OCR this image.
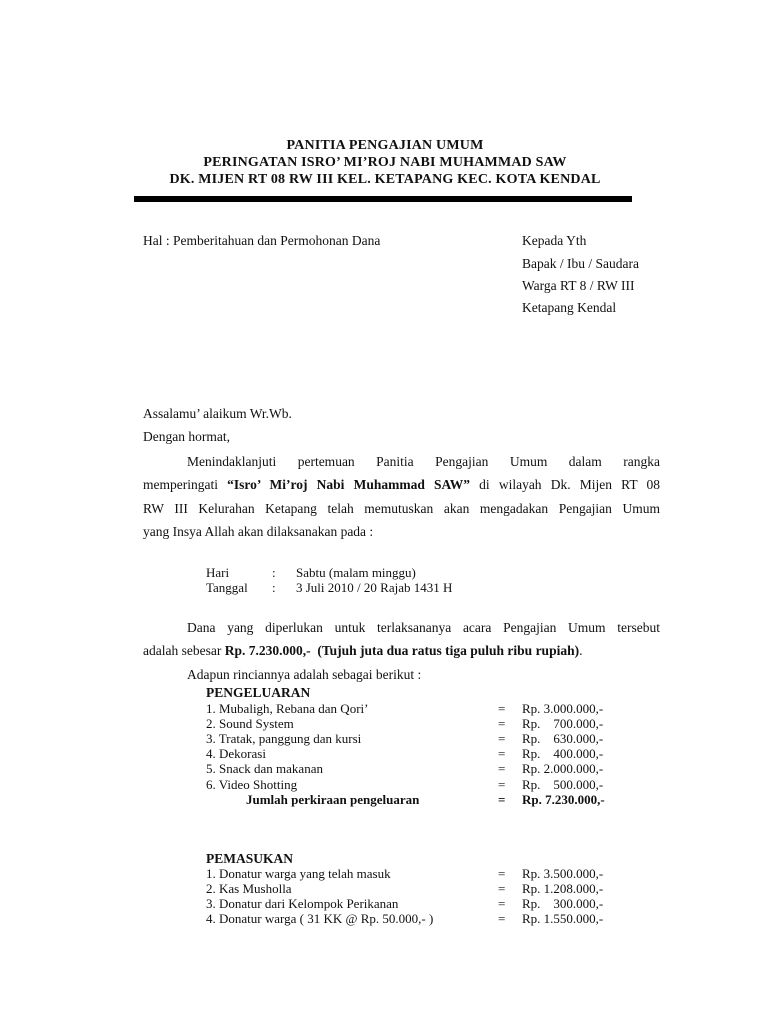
PANITIA PENGAJIAN UMUM
PERINGATAN ISRO’ MI’ROJ NABI MUHAMMAD SAW
DK. MIJEN RT 08 RW III KEL. KETAPANG KEC. KOTA KENDAL
Hal : Pemberitahuan dan Permohonan Dana	Kepada Yth
Bapak / Ibu / Saudara
Warga RT 8 / RW III
Ketapang Kendal
Assalamu’ alaikum Wr.Wb.
Dengan hormat,
Menindaklanjuti pertemuan Panitia Pengajian Umum dalam rangka
memperingati “Isro’ Mi’roj Nabi Muhammad SAW” di wilayah Dk. Mijen RT 08
RW III Kelurahan Ketapang telah memutuskan akan mengadakan Pengajian Umum
yang Insya Allah akan dilaksanakan pada :
Hari	: Sabtu (malam minggu)
Tanggal : 3 Juli 2010 / 20 Rajab 1431 H
Dana yang diperlukan untuk terlaksananya acara Pengajian Umum tersebut
adalah sebesar Rp. 7.230.000,- (Tujuh juta dua ratus tiga puluh ribu rupiah).
Adapun rinciannya adalah sebagai berikut :
PENGELUARAN
1. Mubaligh, Rebana dan Qori’	= Rp. 3.000.000,-
2. Sound System	= Rp.    700.000,-
3. Tratak, panggung dan kursi	= Rp.    630.000,-
4. Dekorasi	= Rp.    400.000,-
5. Snack dan makanan	= Rp. 2.000.000,-
6. Video Shotting	= Rp.    500.000,-
Jumlah perkiraan pengeluaran	= Rp. 7.230.000,-
PEMASUKAN
1. Donatur warga yang telah masuk	= Rp. 3.500.000,-
2. Kas Musholla	= Rp. 1.208.000,-
3. Donatur dari Kelompok Perikanan	= Rp.    300.000,-
4. Donatur warga ( 31 KK @ Rp. 50.000,- )	= Rp. 1.550.000,-
